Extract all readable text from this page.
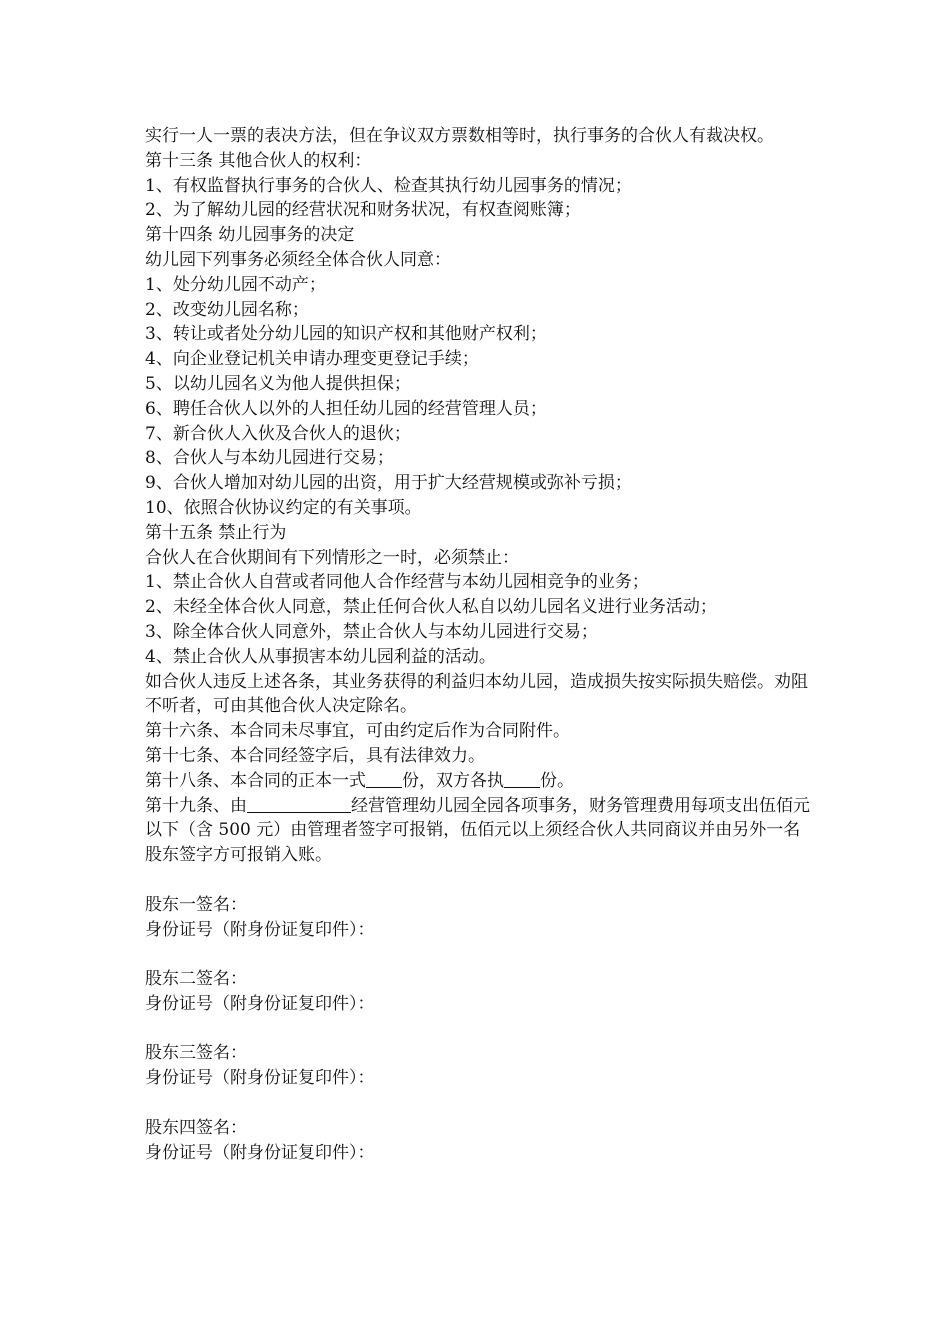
实行一人一票的表决方法，但在争议双方票数相等时，执行事务的合伙人有裁决权。
第十三条 其他合伙人的权利：
1、有权监督执行事务的合伙人、检查其执行幼儿园事务的情况；
2、为了解幼儿园的经营状况和财务状况，有权查阅账簿；
第十四条 幼儿园事务的决定
幼儿园下列事务必须经全体合伙人同意：
1、处分幼儿园不动产；
2、改变幼儿园名称；
3、转让或者处分幼儿园的知识产权和其他财产权利；
4、向企业登记机关申请办理变更登记手续；
5、以幼儿园名义为他人提供担保；
6、聘任合伙人以外的人担任幼儿园的经营管理人员；
7、新合伙人入伙及合伙人的退伙；
8、合伙人与本幼儿园进行交易；
9、合伙人增加对幼儿园的出资，用于扩大经营规模或弥补亏损；
10、依照合伙协议约定的有关事项。
第十五条 禁止行为
合伙人在合伙期间有下列情形之一时，必须禁止：
1、禁止合伙人自营或者同他人合作经营与本幼儿园相竞争的业务；
2、未经全体合伙人同意，禁止任何合伙人私自以幼儿园名义进行业务活动；
3、除全体合伙人同意外，禁止合伙人与本幼儿园进行交易；
4、禁止合伙人从事损害本幼儿园利益的活动。
如合伙人违反上述各条，其业务获得的利益归本幼儿园，造成损失按实际损失赔偿。劝阻不听者，可由其他合伙人决定除名。
第十六条、本合同未尽事宜，可由约定后作为合同附件。
第十七条、本合同经签字后，具有法律效力。
第十八条、本合同的正本一式 份，双方各执 份。
第十九条、由	经营管理幼儿园全园各项事务，财务管理费用每项支出伍佰元以下（含 500 元）由管理者签字可报销，伍佰元以上须经合伙人共同商议并由另外一名股东签字方可报销入账。
股东一签名：
身份证号（附身份证复印件）：
股东二签名：
身份证号（附身份证复印件）：
股东三签名：
身份证号（附身份证复印件）：
股东四签名：
身份证号（附身份证复印件）：
